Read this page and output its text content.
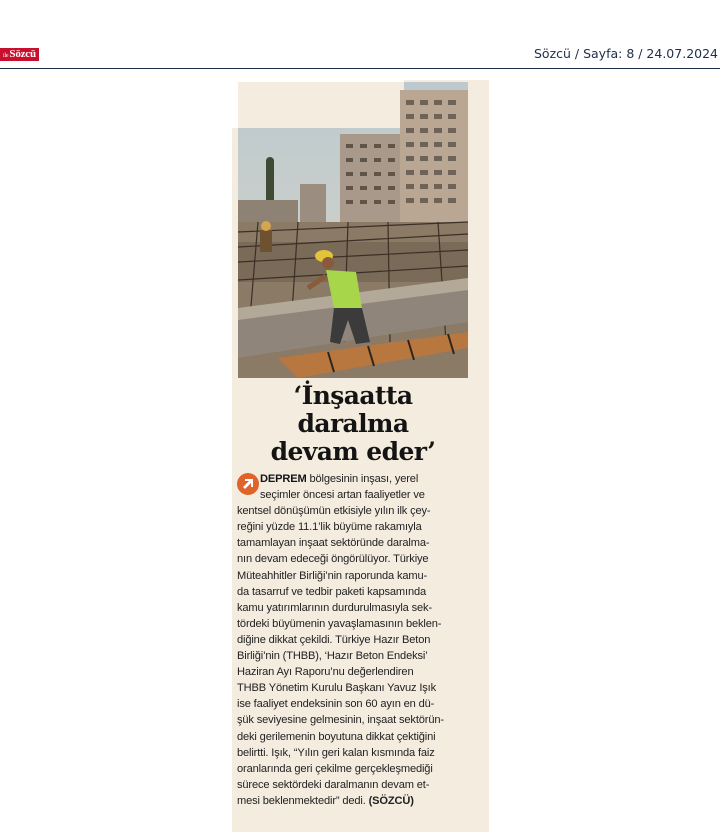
ileSözcü	Sözcü / Sayfa: 8 / 24.07.2024
‘İnşaatta
daralma
devam eder’
DEPREM bölgesinin inşası, yerel
seçimler öncesi artan faaliyetler ve
kentsel dönüşümün etkisiyle yılın ilk çey-
reğini yüzde 11.1’lik büyüme rakamıyla
tamamlayan inşaat sektöründe daralma-
nın devam edeceği öngörülüyor. Türkiye
Müteahhitler Birliği’nin raporunda kamu-
da tasarruf ve tedbir paketi kapsamında
kamu yatırımlarının durdurulmasıyla sek-
tördeki büyümenin yavaşlamasının beklen-
diğine dikkat çekildi. Türkiye Hazır Beton
Birliği’nin (THBB), ‘Hazır Beton Endeksi’
Haziran Ayı Raporu’nu değerlendiren
THBB Yönetim Kurulu Başkanı Yavuz Işık
ise faaliyet endeksinin son 60 ayın en dü-
şük seviyesine gelmesinin, inşaat sektörün-
deki gerilemenin boyutuna dikkat çektiğini
belirtti. Işık, “Yılın geri kalan kısmında faiz
oranlarında geri çekilme gerçekleşmediği
sürece sektördeki daralmanın devam et-
mesi beklenmektedir” dedi. (SÖZCÜ)
